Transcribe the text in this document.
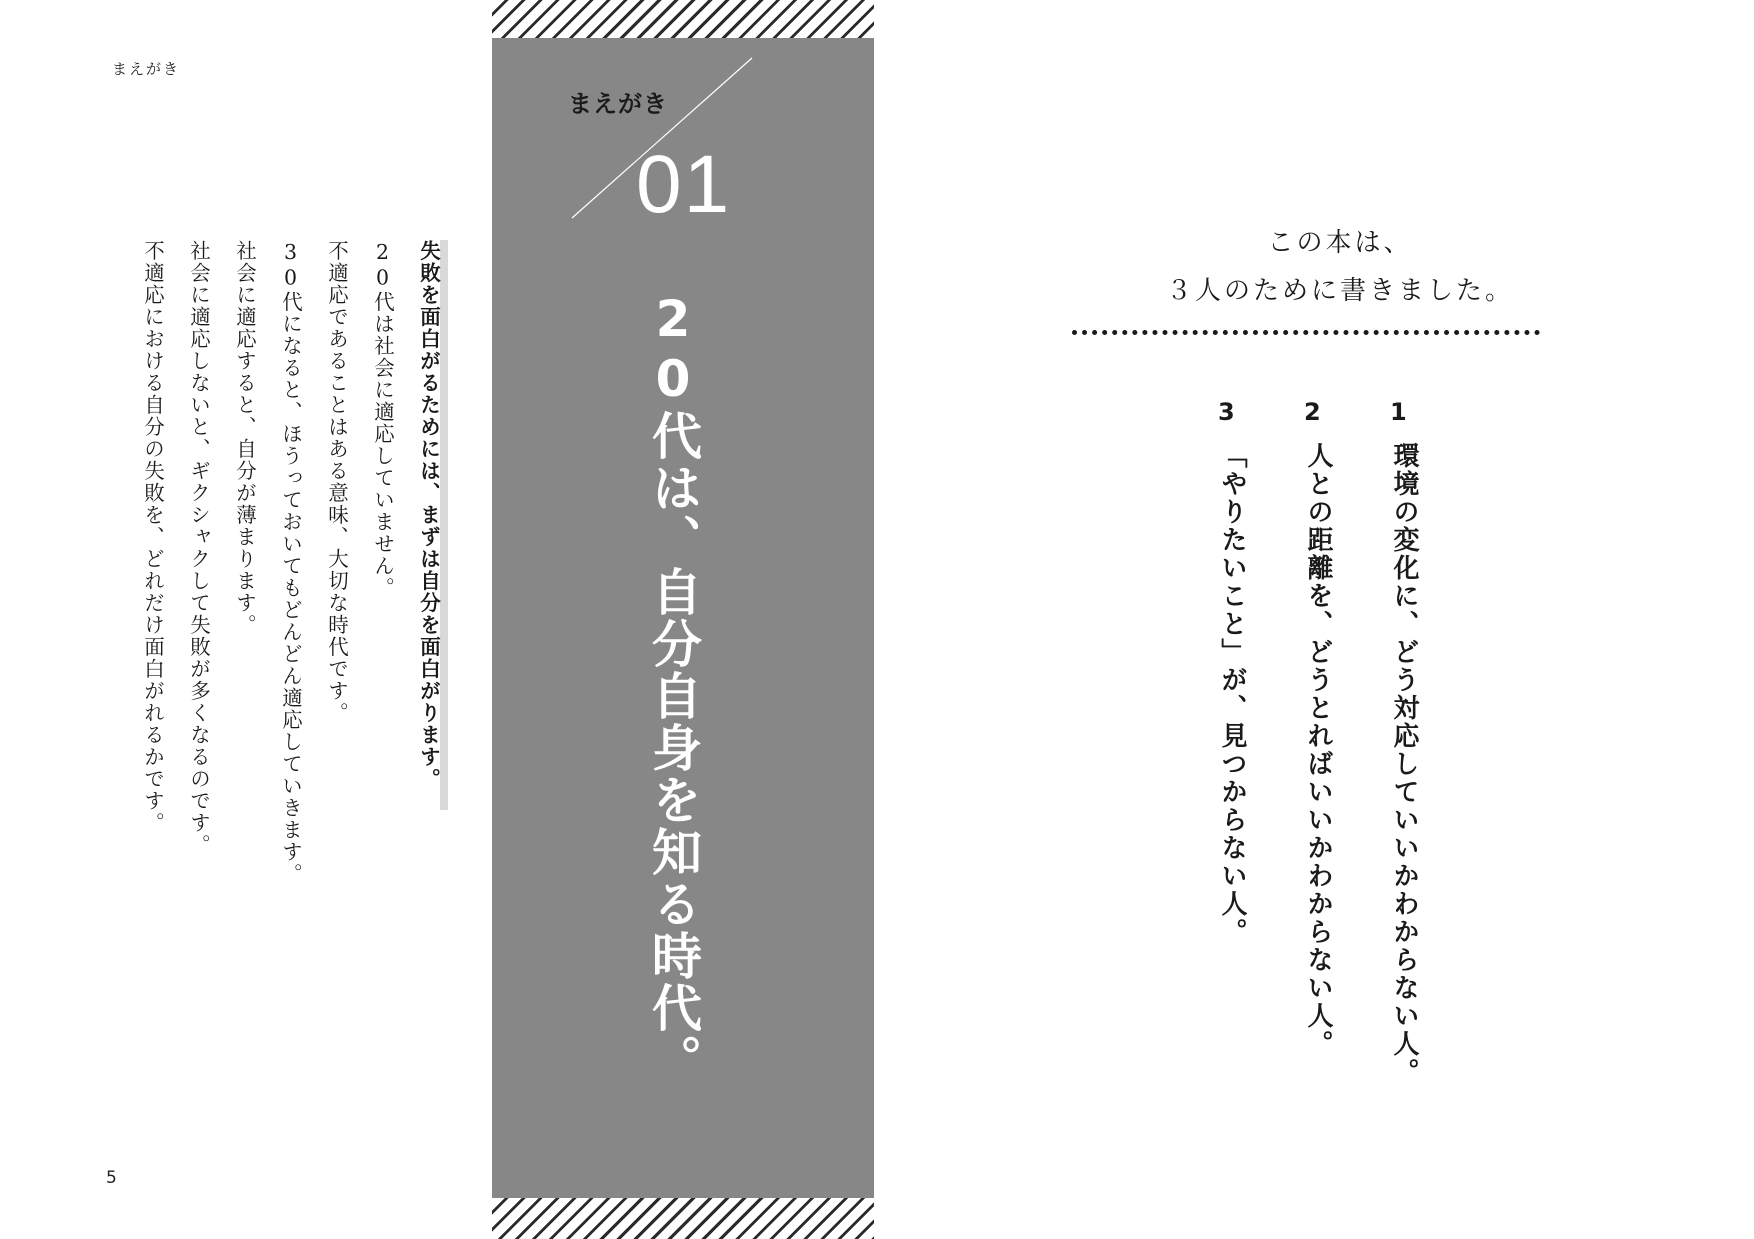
まえがき
5
失敗を面白がるためには、まずは自分を面白がります。
20代は社会に適応していません。
不適応であることはある意味、大切な時代です。
30代になると、ほうっておいてもどんどん適応していきます。
社会に適応すると、自分が薄まります。
社会に適応しないと、ギクシャクして失敗が多くなるのです。
不適応における自分の失敗を、どれだけ面白がれるかです。
まえがき
01
20代は、自分自身を知る時代。
この本は、
３人のために書きました。
1
環境の変化に、どう対応していいかわからない人。
2
人との距離を、どうとればいいかわからない人。
3
「やりたいこと」が、見つからない人。
